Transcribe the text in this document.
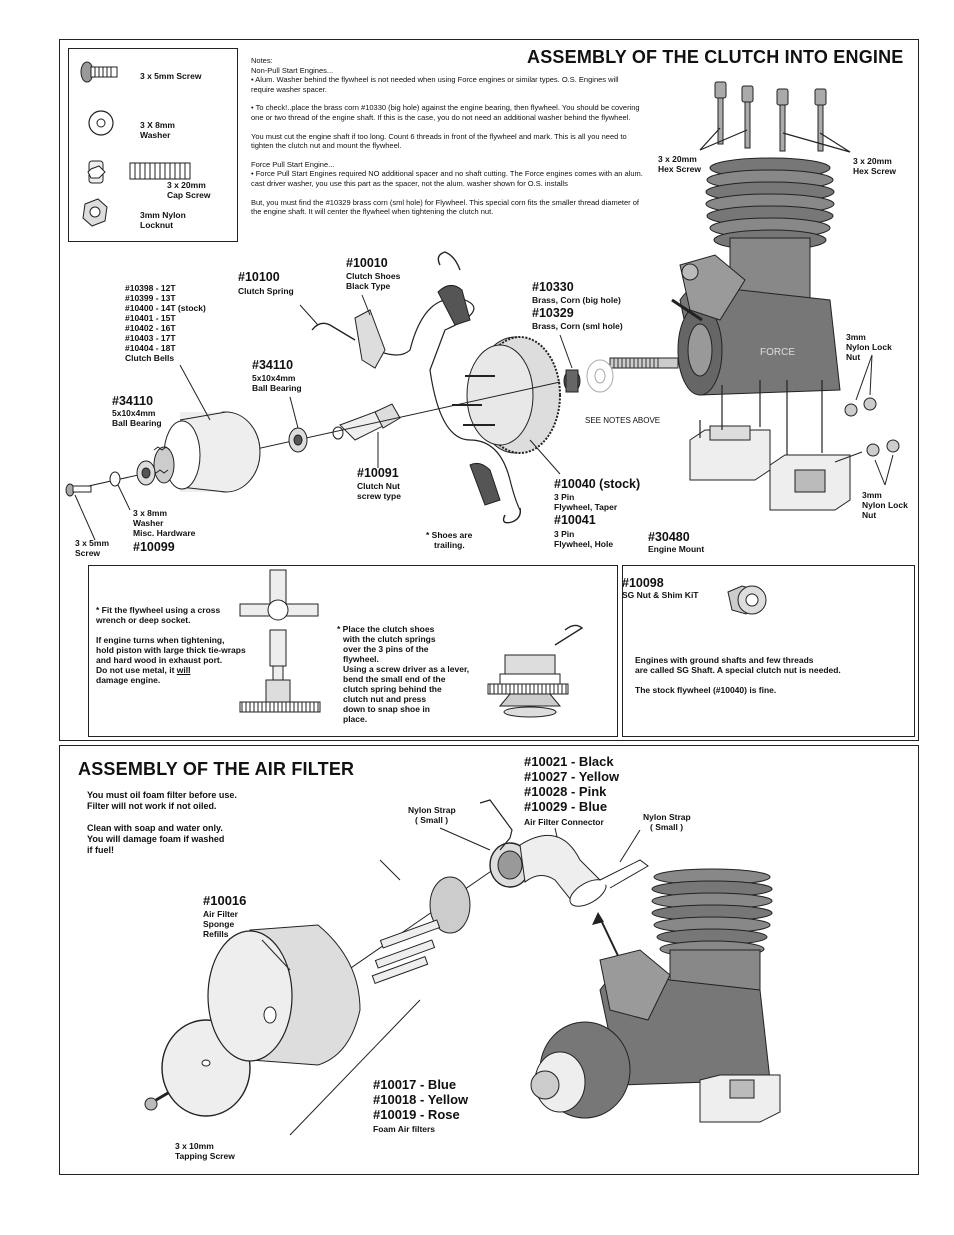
ASSEMBLY OF THE CLUTCH INTO ENGINE
3 x 5mm Screw
3 X 8mm
Washer
3 x 20mm
Cap Screw
3mm Nylon
Locknut
Notes:
Non-Pull Start Engines...
• Alum. Washer behind the flywheel is not needed when using Force engines or similar types. O.S. Engines will require washer spacer.
• To check!..place the brass corn #10330 (big hole) against the engine bearing, then flywheel. You should be covering one or two thread of the engine shaft. If this is the case, you do not need an additional washer behind the flywheel.
You must cut the engine shaft if too long. Count 6 threads in front of the flywheel and mark. This is all you need to tighten the clutch nut and mount the flywheel.
Force Pull Start Engine...
• Force Pull Start Engines required NO additional spacer and no shaft cutting. The Force engines comes with an alum. cast driver washer, you use this part as the spacer, not the alum. washer shown for O.S. installs
But, you must find the #10329 brass corn (sml hole) for Flywheel. This special corn fits the smaller thread diameter of the engine shaft. It will center the flywheel when tightening the clutch nut.
FORCE
3 x 20mm
Hex Screw
3 x 20mm
Hex Screw
#10398 - 12T
#10399 - 13T
#10400 - 14T (stock)
#10401 - 15T
#10402 - 16T
#10403 - 17T
#10404 - 18T
Clutch Bells
#10100
Clutch Spring
#10010
Clutch Shoes
Black Type	#10330
Brass, Corn (big hole)
#10329
Brass, Corn (sml hole)
#34110
5x10x4mm
Ball Bearing
#34110
5x10x4mm
Ball Bearing	SEE NOTES ABOVE
3mm
Nylon Lock
Nut
#10091
Clutch Nut
screw type
#10040 (stock)
3 Pin
Flywheel, Taper
#10041
3 Pin
Flywheel, Hole
3mm
Nylon Lock
Nut
3 x 8mm
Washer
Misc. Hardware
#10099
3 x 5mm
Screw
* Shoes are
trailing.
#30480
Engine Mount
* Fit the flywheel using a cross
wrench or deep socket.
If engine turns when tightening,
hold piston with large thick tie-wraps
and hard wood in exhaust port.
Do not use metal, it will
damage engine.
* Place the clutch shoes
with the clutch springs
over the 3 pins of the
flywheel.
Using a screw driver as a lever,
bend the small end of the
clutch spring behind the
clutch nut and press
down to snap shoe in
place.
#10098
SG Nut & Shim KiT
Engines with ground shafts and few threads
are called SG Shaft. A special clutch nut is needed.
The stock flywheel (#10040) is fine.
ASSEMBLY OF THE AIR FILTER
You must oil foam filter before use.
Filter will not work if not oiled.
Clean with soap and water only.
You will damage foam if washed
if fuel!
#10021 - Black
#10027 - Yellow
#10028 - Pink
#10029 - Blue
Air Filter Connector
Nylon Strap
( Small )	Nylon Strap
( Small )
#10016
Air Filter
Sponge
Refills
#10017 - Blue
#10018 - Yellow
#10019 - Rose
Foam Air filters
3 x 10mm
Tapping Screw
